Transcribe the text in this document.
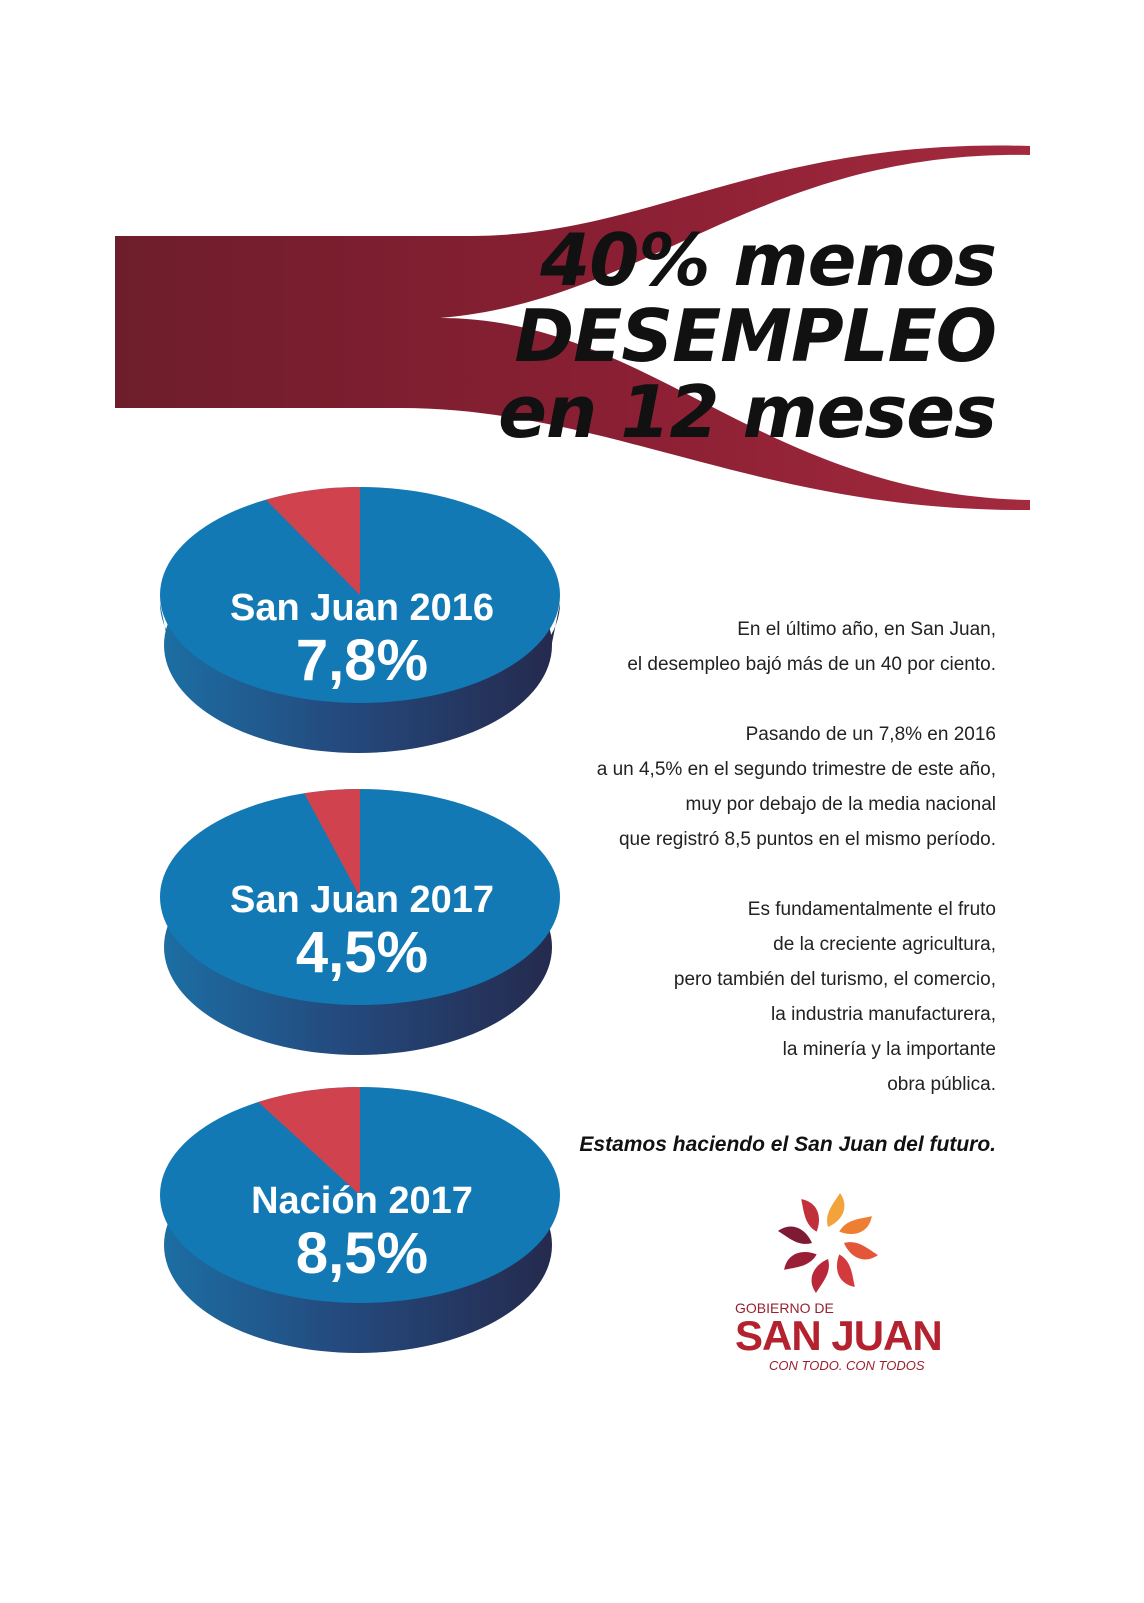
40% menos
DESEMPLEO
en 12 meses
San Juan 2016
7,8%
San Juan 2017
4,5%
Nación 2017
8,5%

En el último año, en San Juan,
el desempleo bajó más de un 40 por ciento.

Pasando de un 7,8% en 2016
a un 4,5% en el segundo trimestre de este año,
muy por debajo de la media nacional
que registró 8,5 puntos en el mismo período.

Es fundamentalmente el fruto
de la creciente agricultura,
pero también del turismo, el comercio,
la industria manufacturera,
la minería y la importante
obra pública.

Estamos haciendo el San Juan del futuro.
GOBIERNO DE
SAN JUAN
CON TODO. CON TODOS
